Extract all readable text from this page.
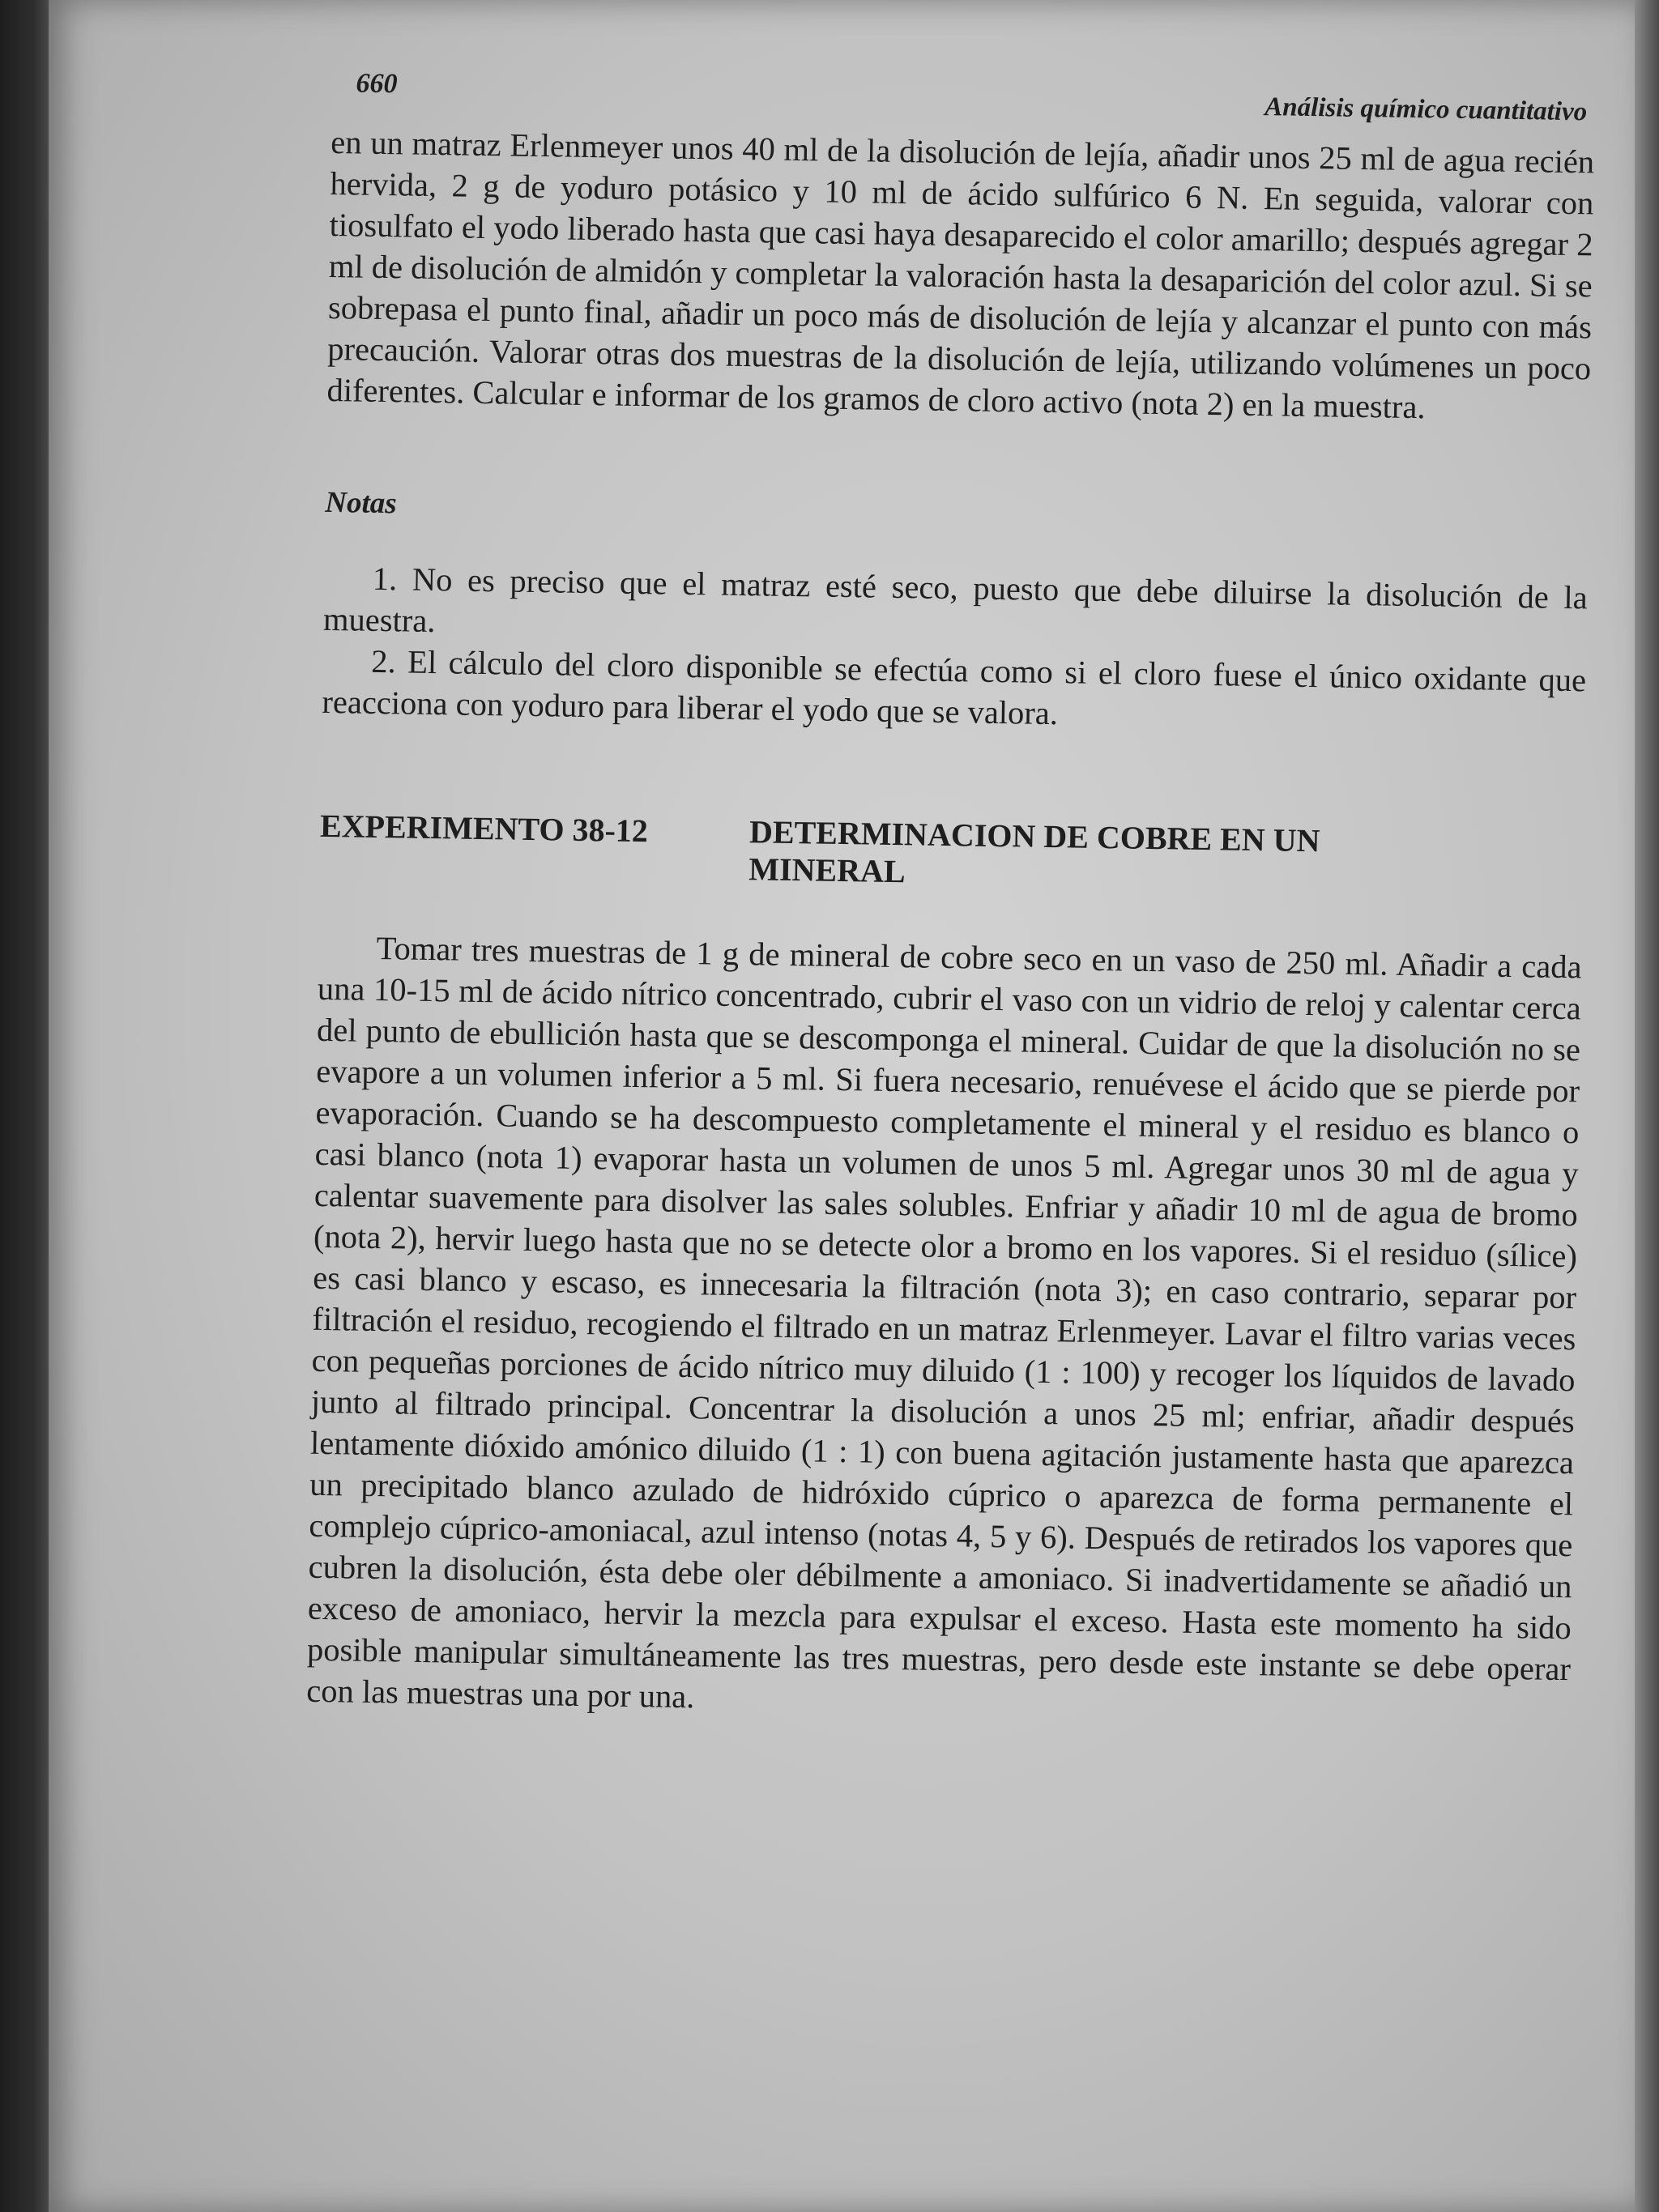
660
Análisis químico cuantitativo

en un matraz Erlenmeyer unos 40 ml de la disolución de lejía, añadir unos 25 ml de agua recién hervida, 2 g de yoduro potásico y 10 ml de ácido sulfúrico 6 N. En seguida, valorar con tiosulfato el yodo liberado hasta que casi haya desaparecido el color amarillo; después agregar 2 ml de disolución de almidón y completar la valoración hasta la desaparición del color azul. Si se sobrepasa el punto final, añadir un poco más de disolución de lejía y alcanzar el punto con más precaución. Valorar otras dos muestras de la disolución de lejía, utilizando volúmenes un poco diferentes. Calcular e informar de los gramos de cloro activo (nota 2) en la muestra.

Notas

1. No es preciso que el matraz esté seco, puesto que debe diluirse la disolución de la muestra.

2. El cálculo del cloro disponible se efectúa como si el cloro fuese el único oxidante que reacciona con yoduro para liberar el yodo que se valora.

EXPERIMENTO 38-12	DETERMINACION DE COBRE EN UN MINERAL

Tomar tres muestras de 1 g de mineral de cobre seco en un vaso de 250 ml. Añadir a cada una 10-15 ml de ácido nítrico concentrado, cubrir el vaso con un vidrio de reloj y calentar cerca del punto de ebullición hasta que se descomponga el mineral. Cuidar de que la disolución no se evapore a un volumen inferior a 5 ml. Si fuera necesario, renuévese el ácido que se pierde por evaporación. Cuando se ha descompuesto completamente el mineral y el residuo es blanco o casi blanco (nota 1) evaporar hasta un volumen de unos 5 ml. Agregar unos 30 ml de agua y calentar suavemente para disolver las sales solubles. Enfriar y añadir 10 ml de agua de bromo (nota 2), hervir luego hasta que no se detecte olor a bromo en los vapores. Si el residuo (sílice) es casi blanco y escaso, es innecesaria la filtración (nota 3); en caso contrario, separar por filtración el residuo, recogiendo el filtrado en un matraz Erlenmeyer. Lavar el filtro varias veces con pequeñas porciones de ácido nítrico muy diluido (1 : 100) y recoger los líquidos de lavado junto al filtrado principal. Concentrar la disolución a unos 25 ml; enfriar, añadir después lentamente dióxido amónico diluido (1 : 1) con buena agitación justamente hasta que aparezca un precipitado blanco azulado de hidróxido cúprico o aparezca de forma permanente el complejo cúprico-amoniacal, azul intenso (notas 4, 5 y 6). Después de retirados los vapores que cubren la disolución, ésta debe oler débilmente a amoniaco. Si inadvertidamente se añadió un exceso de amoniaco, hervir la mezcla para expulsar el exceso. Hasta este momento ha sido posible manipular simultáneamente las tres muestras, pero desde este instante se debe operar con las muestras una por una.
